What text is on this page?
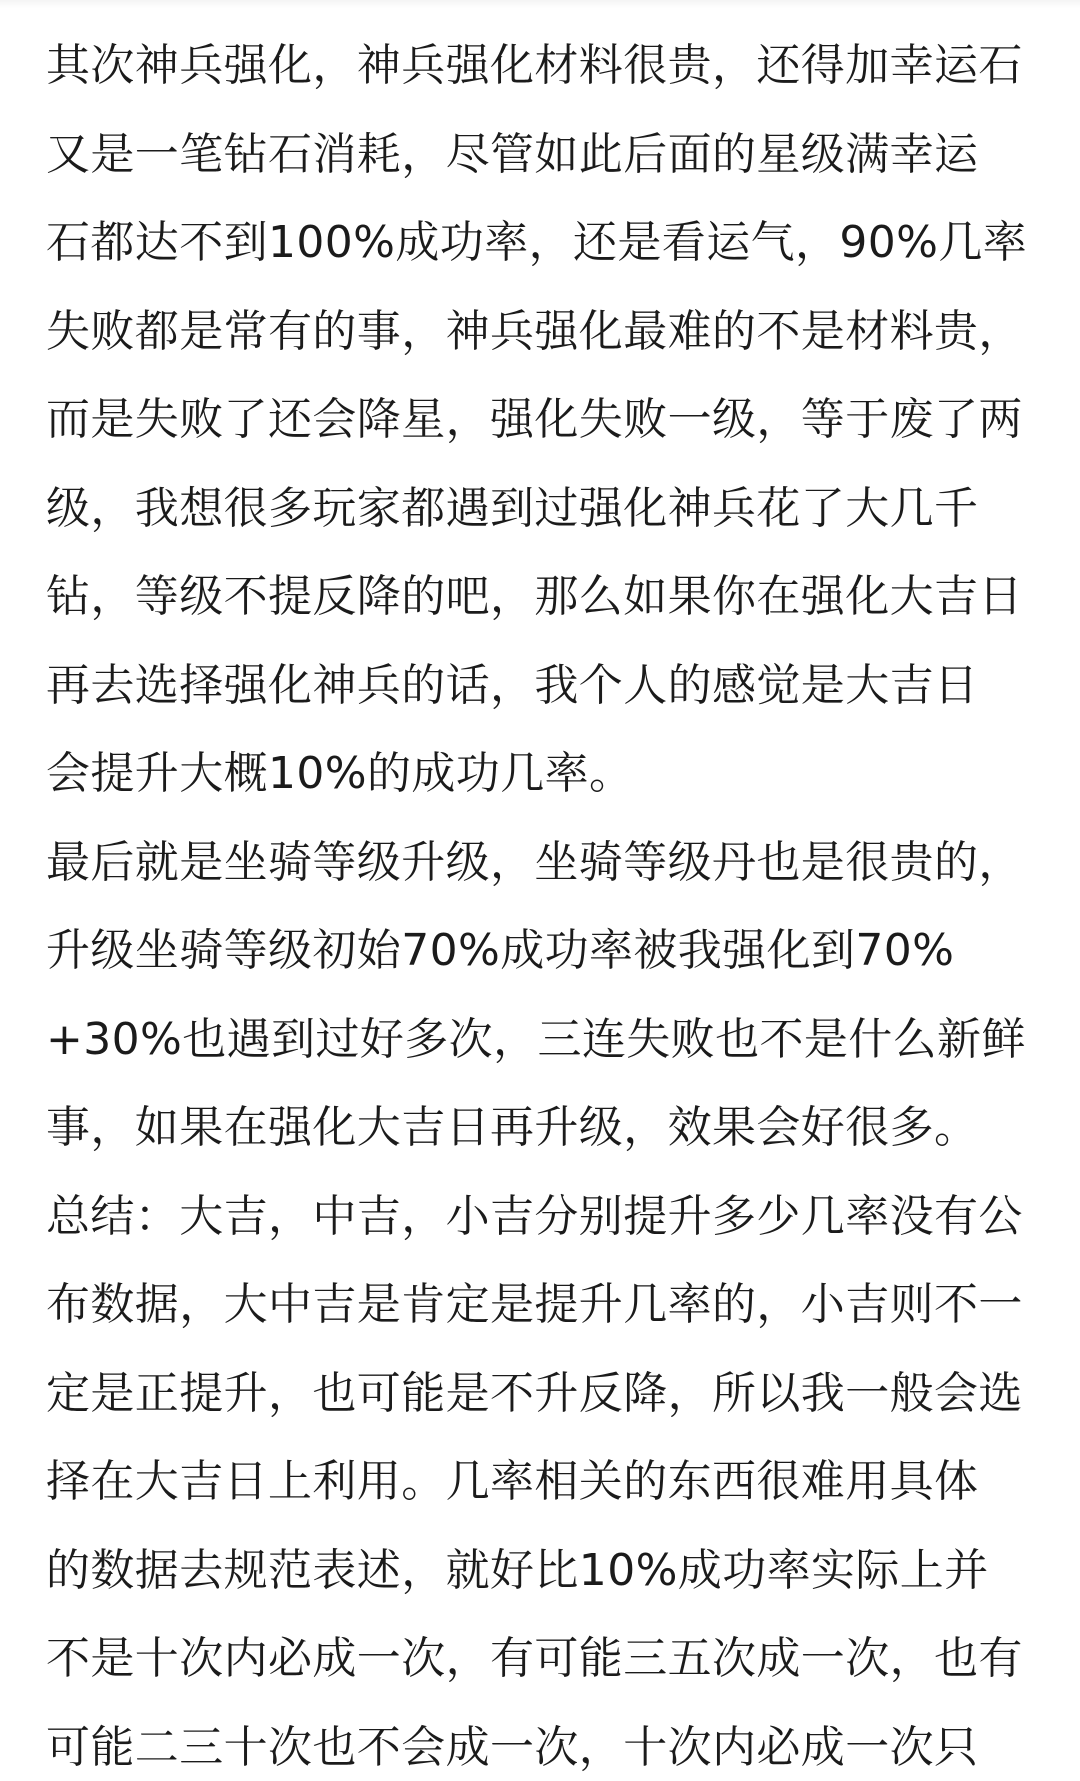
其次神兵强化，神兵强化材料很贵，还得加幸运石
又是一笔钻石消耗，尽管如此后面的星级满幸运
石都达不到100%成功率，还是看运气，90%几率
失败都是常有的事，神兵强化最难的不是材料贵，
而是失败了还会降星，强化失败一级，等于废了两
级，我想很多玩家都遇到过强化神兵花了大几千
钻，等级不提反降的吧，那么如果你在强化大吉日
再去选择强化神兵的话，我个人的感觉是大吉日
会提升大概10%的成功几率。

最后就是坐骑等级升级，坐骑等级丹也是很贵的，
升级坐骑等级初始70%成功率被我强化到70%
+30%也遇到过好多次，三连失败也不是什么新鲜
事，如果在强化大吉日再升级，效果会好很多。

总结：大吉，中吉，小吉分别提升多少几率没有公
布数据，大中吉是肯定是提升几率的，小吉则不一
定是正提升，也可能是不升反降，所以我一般会选
择在大吉日上利用。几率相关的东西很难用具体
的数据去规范表述，就好比10%成功率实际上并
不是十次内必成一次，有可能三五次成一次，也有
可能二三十次也不会成一次，十次内必成一次只
